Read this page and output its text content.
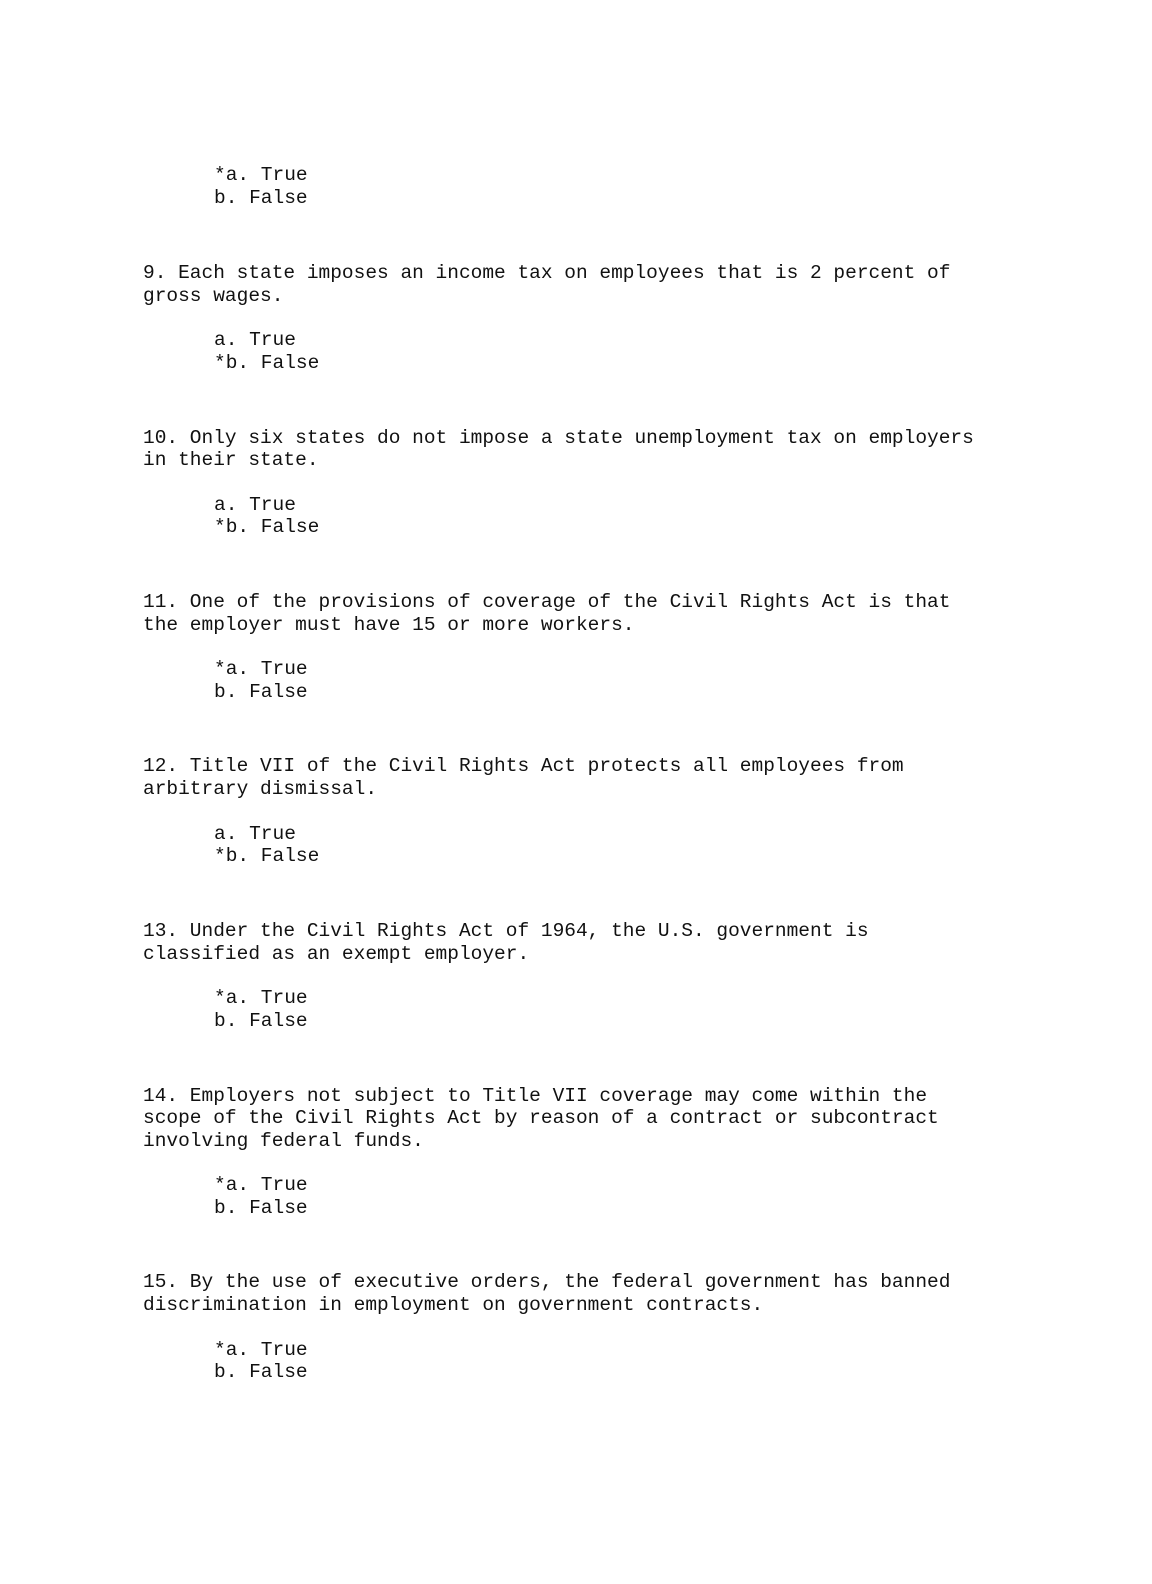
*a. True
b. False
9. Each state imposes an income tax on employees that is 2 percent of
gross wages.
a. True
*b. False
10. Only six states do not impose a state unemployment tax on employers
in their state.
a. True
*b. False
11. One of the provisions of coverage of the Civil Rights Act is that
the employer must have 15 or more workers.
*a. True
b. False
12. Title VII of the Civil Rights Act protects all employees from
arbitrary dismissal.
a. True
*b. False
13. Under the Civil Rights Act of 1964, the U.S. government is
classified as an exempt employer.
*a. True
b. False
14. Employers not subject to Title VII coverage may come within the
scope of the Civil Rights Act by reason of a contract or subcontract
involving federal funds.
*a. True
b. False
15. By the use of executive orders, the federal government has banned
discrimination in employment on government contracts.
*a. True
b. False
